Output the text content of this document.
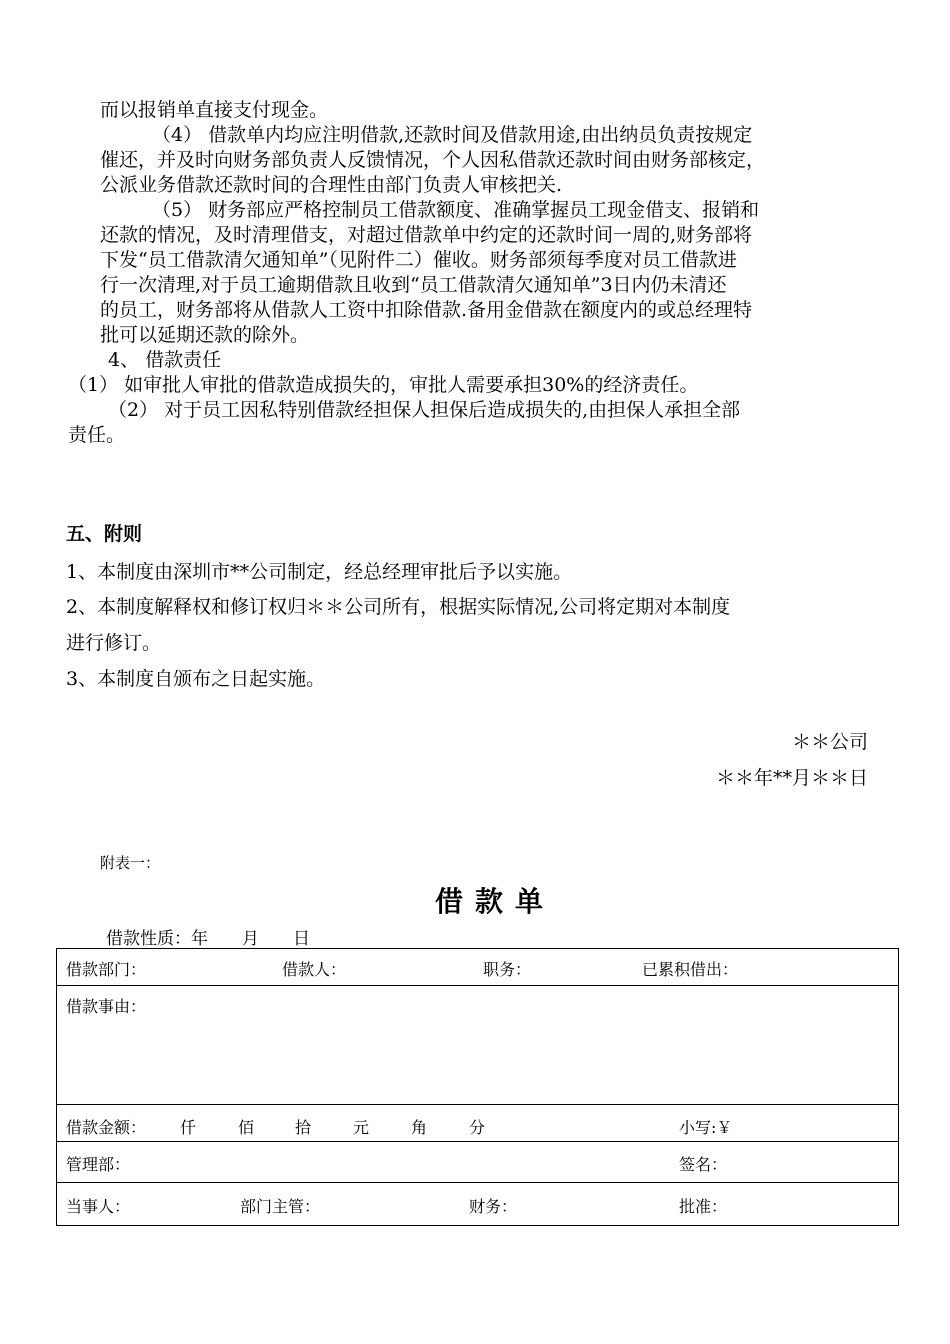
而以报销单直接支付现金。
（4） 借款单内均应注明借款,还款时间及借款用途,由出纳员负责按规定
催还，并及时向财务部负责人反馈情况，个人因私借款还款时间由财务部核定，
公派业务借款还款时间的合理性由部门负责人审核把关.
（5） 财务部应严格控制员工借款额度、准确掌握员工现金借支、报销和
还款的情况，及时清理借支，对超过借款单中约定的还款时间一周的,财务部将
下发“员工借款清欠通知单”（见附件二）催收。财务部须每季度对员工借款进
行一次清理,对于员工逾期借款且收到“员工借款清欠通知单”3日内仍未清还
的员工，财务部将从借款人工资中扣除借款.备用金借款在额度内的或总经理特
批可以延期还款的除外。
4、 借款责任
（1） 如审批人审批的借款造成损失的，审批人需要承担30%的经济责任。
（2） 对于员工因私特别借款经担保人担保后造成损失的,由担保人承担全部
责任。
五、附则
1、本制度由深圳市**公司制定，经总经理审批后予以实施。
2、本制度解释权和修订权归＊＊公司所有，根据实际情况,公司将定期对本制度
进行修订。
3、本制度自颁布之日起实施。
＊＊公司
＊＊年**月＊＊日
附表一：
借款单
借款性质：年　　月　　日
借款部门：	借款人：	职务：	已累积借出：

借款事由：

借款金额： 仟	佰	拾	元	角	分	小写:￥

管理部：	签名：

当事人：	部门主管：	财务：	批准：
